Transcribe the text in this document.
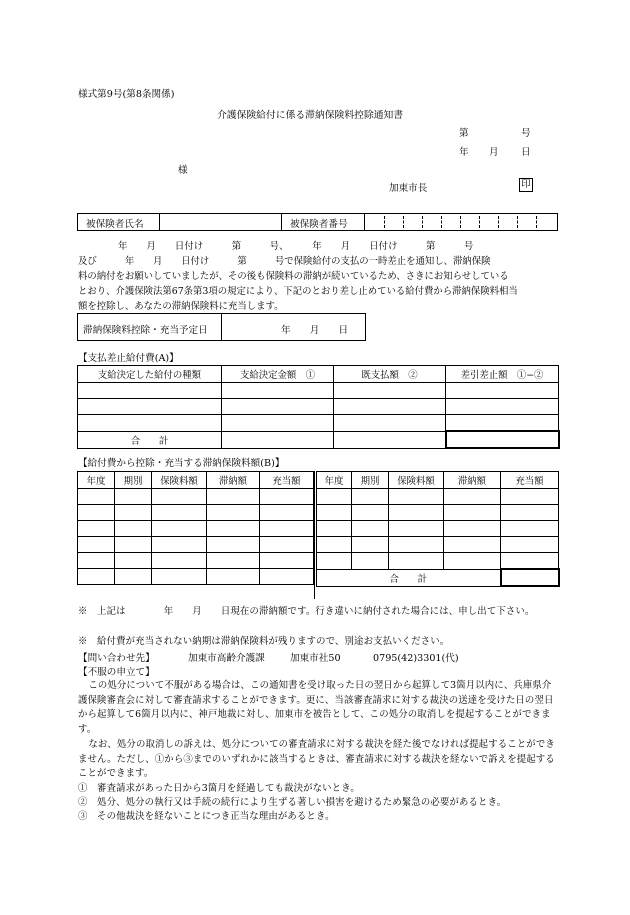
様式第9号(第8条関係)
介護保険給付に係る滞納保険料控除通知書
第	号
年 月 日
様
加東市長	印
被保険者氏名	被保険者番号
年　　月　　日付け　　　第　　　号、　　　年　　月　　日付け　　　第　　　号
及び　　　年　　月　　日付け　　　第　　　号で保険給付の支払の一時差止を通知し、滞納保険
料の納付をお願いしていましたが、その後も保険料の滞納が続いているため、さきにお知らせしている
とおり、介護保険法第67条第3項の規定により、下記のとおり差し止めている給付費から滞納保険料相当
額を控除し、あなたの滞納保険料に充当します。
滞納保険料控除・充当予定日	年　　月　　日
【支払差止給付費(A)】
支給決定した給付の種類	支給決定金額　①	既支払額　②	差引差止額　①−②

合　　計			
【給付費から控除・充当する滞納保険料額(B)】
年度	期別	保険料額	滞納額	充当額

					年度	期別	保険料額	滞納額	充当額

合　　計				
※　上記は　　　　年　　月　　日現在の滞納額です。行き違いに納付された場合には、申し出て下さい。
※　給付費が充当されない納期は滞納保険料が残りますので、別途お支払いください。
【問い合わせ先】	加東市高齢介護課	加東市社50	0795(42)3301(代)
【不服の申立て】
この処分について不服がある場合は、この通知書を受け取った日の翌日から起算して3箇月以内に、兵庫県介護保険審査会に対して審査請求することができます。更に、当該審査請求に対する裁決の送達を受けた日の翌日から起算して6箇月以内に、神戸地裁に対し、加東市を被告として、この処分の取消しを提起することができます。
なお、処分の取消しの訴えは、処分についての審査請求に対する裁決を経た後でなければ提起することができません。ただし、①から③までのいずれかに該当するときは、審査請求に対する裁決を経ないで訴えを提起することができます。
①　審査請求があった日から3箇月を経過しても裁決がないとき。
②　処分、処分の執行又は手続の続行により生ずる著しい損害を避けるため緊急の必要があるとき。
③　その他裁決を経ないことにつき正当な理由があるとき。
